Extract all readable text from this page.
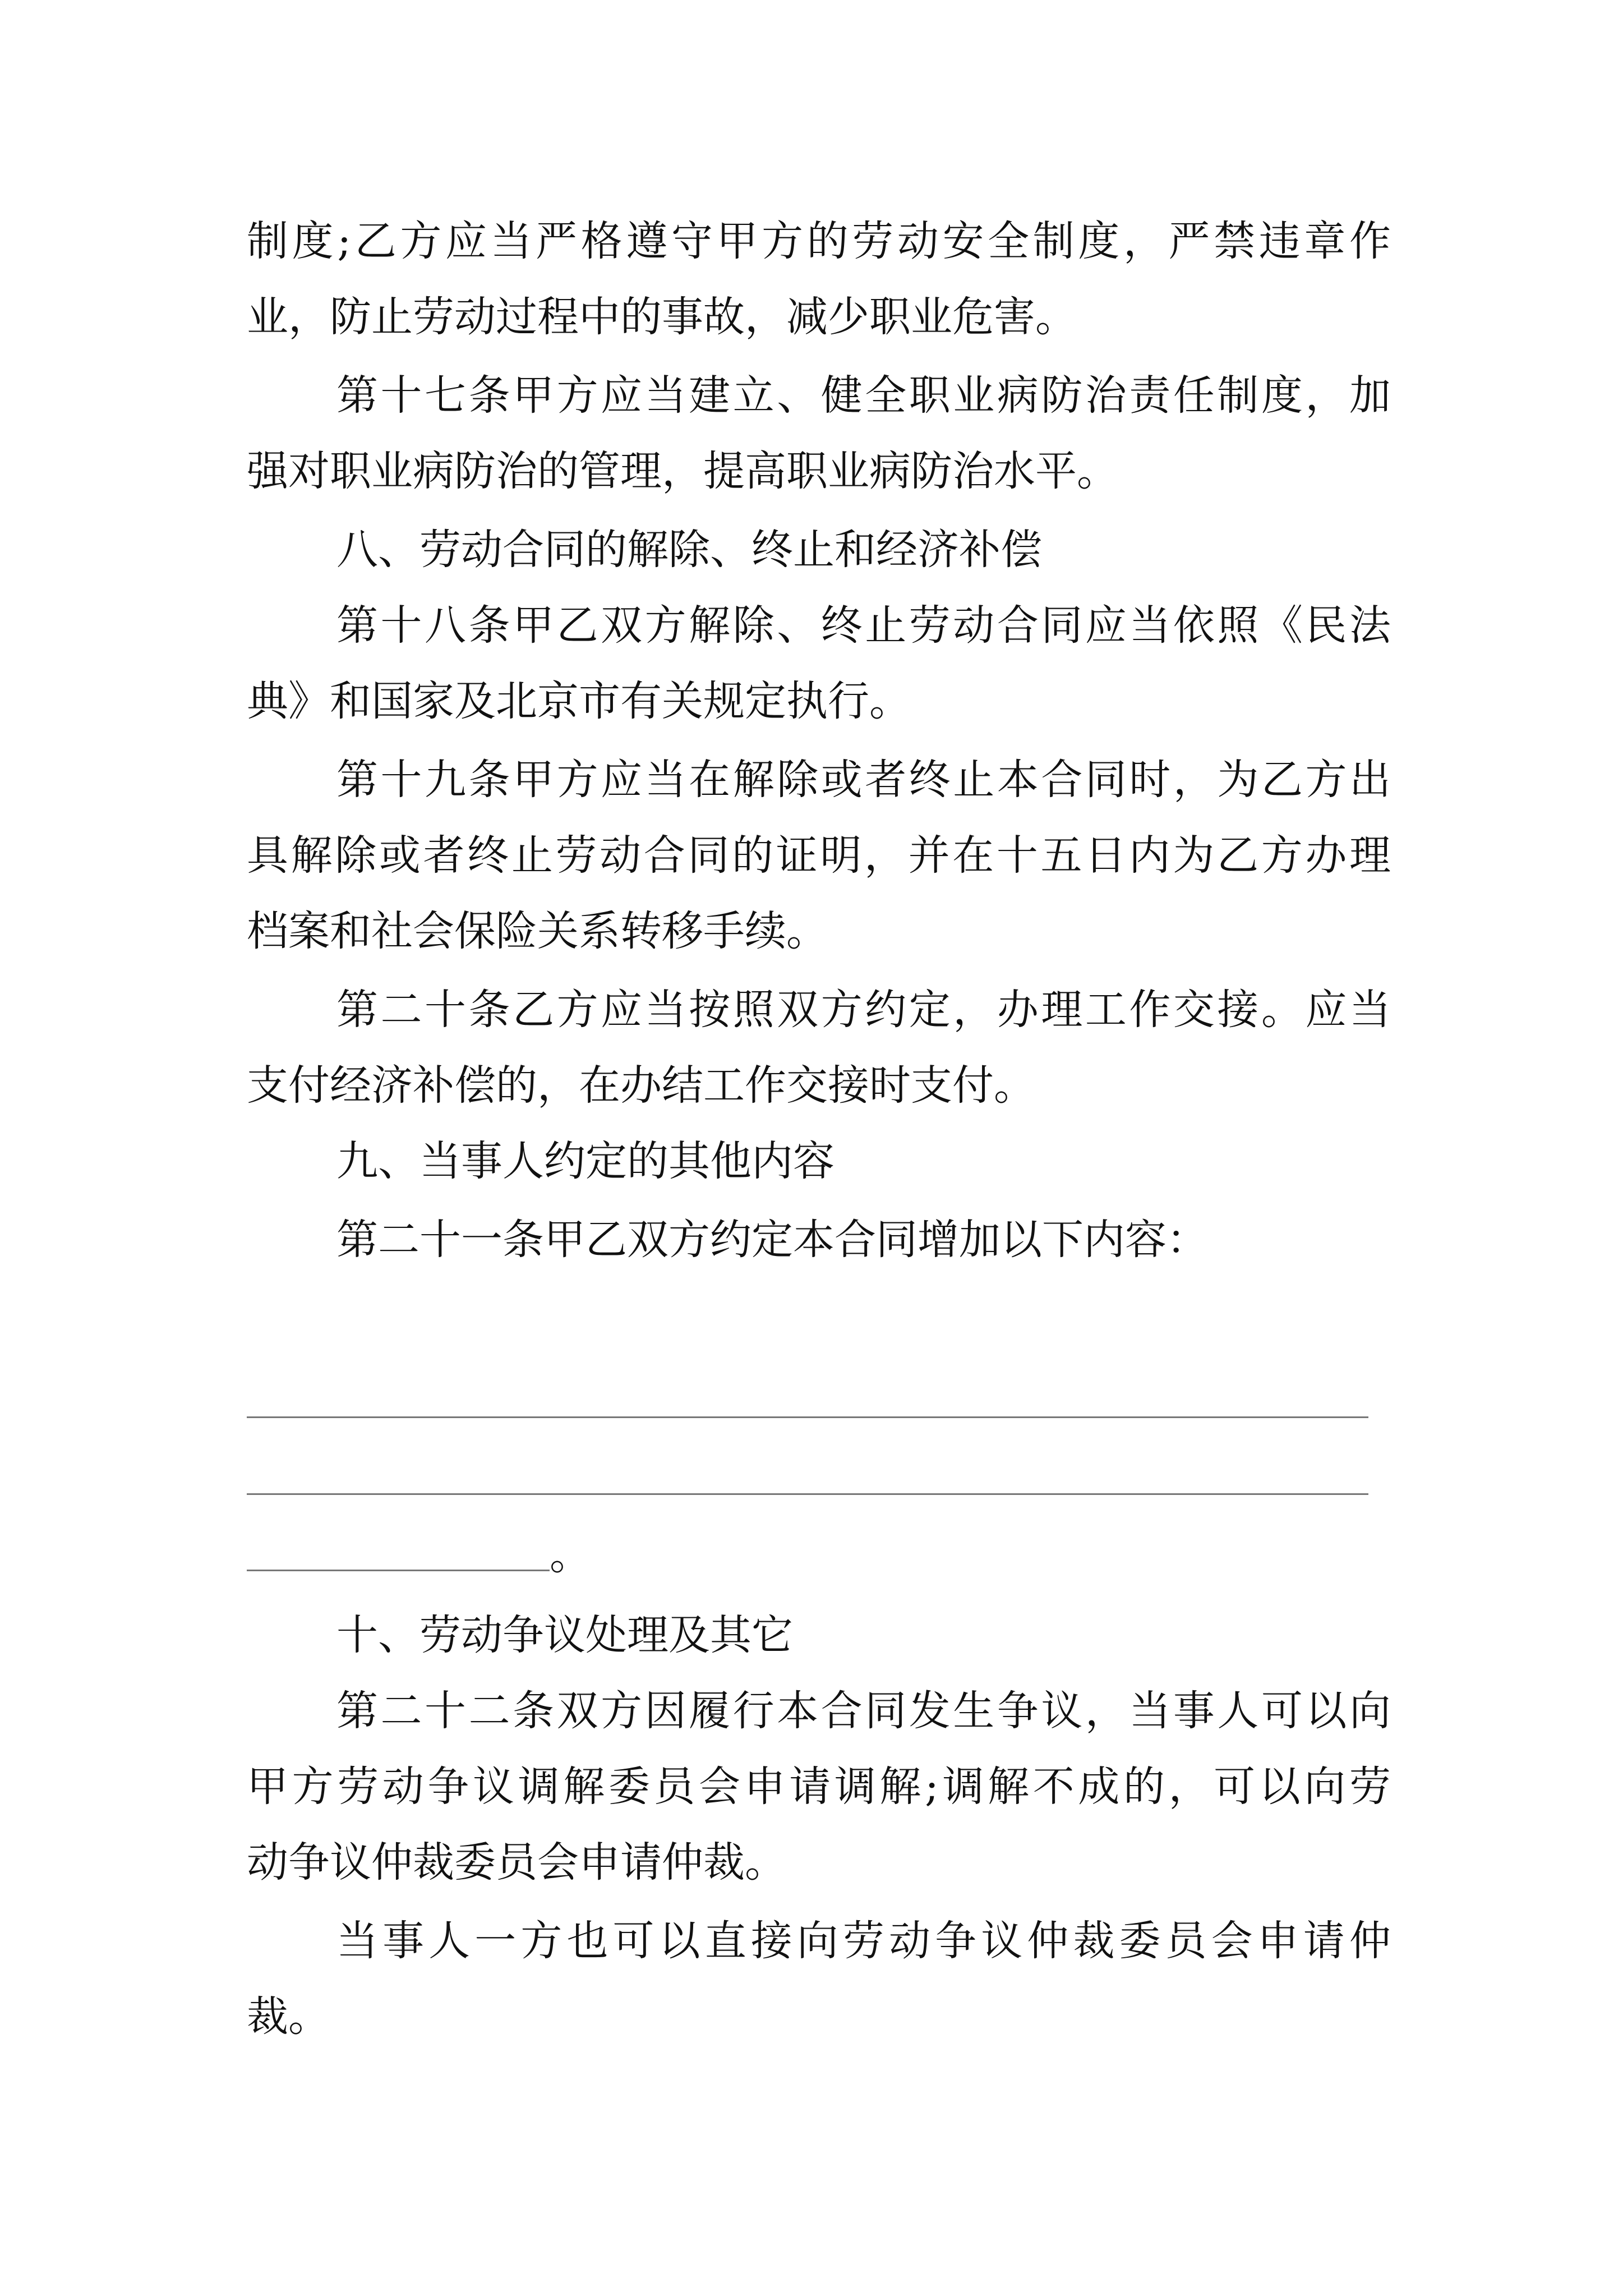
制度;乙方应当严格遵守甲方的劳动安全制度，严禁违章作
业，防止劳动过程中的事故，减少职业危害。
第十七条甲方应当建立、健全职业病防治责任制度，加
强对职业病防治的管理，提高职业病防治水平。
八、劳动合同的解除、终止和经济补偿
第十八条甲乙双方解除、终止劳动合同应当依照《民法
典》和国家及北京市有关规定执行。
第十九条甲方应当在解除或者终止本合同时，为乙方出
具解除或者终止劳动合同的证明，并在十五日内为乙方办理
档案和社会保险关系转移手续。
第二十条乙方应当按照双方约定，办理工作交接。应当
支付经济补偿的，在办结工作交接时支付。
九、当事人约定的其他内容
第二十一条甲乙双方约定本合同增加以下内容：
。
十、劳动争议处理及其它
第二十二条双方因履行本合同发生争议，当事人可以向
甲方劳动争议调解委员会申请调解;调解不成的，可以向劳
动争议仲裁委员会申请仲裁。
当事人一方也可以直接向劳动争议仲裁委员会申请仲
裁。
